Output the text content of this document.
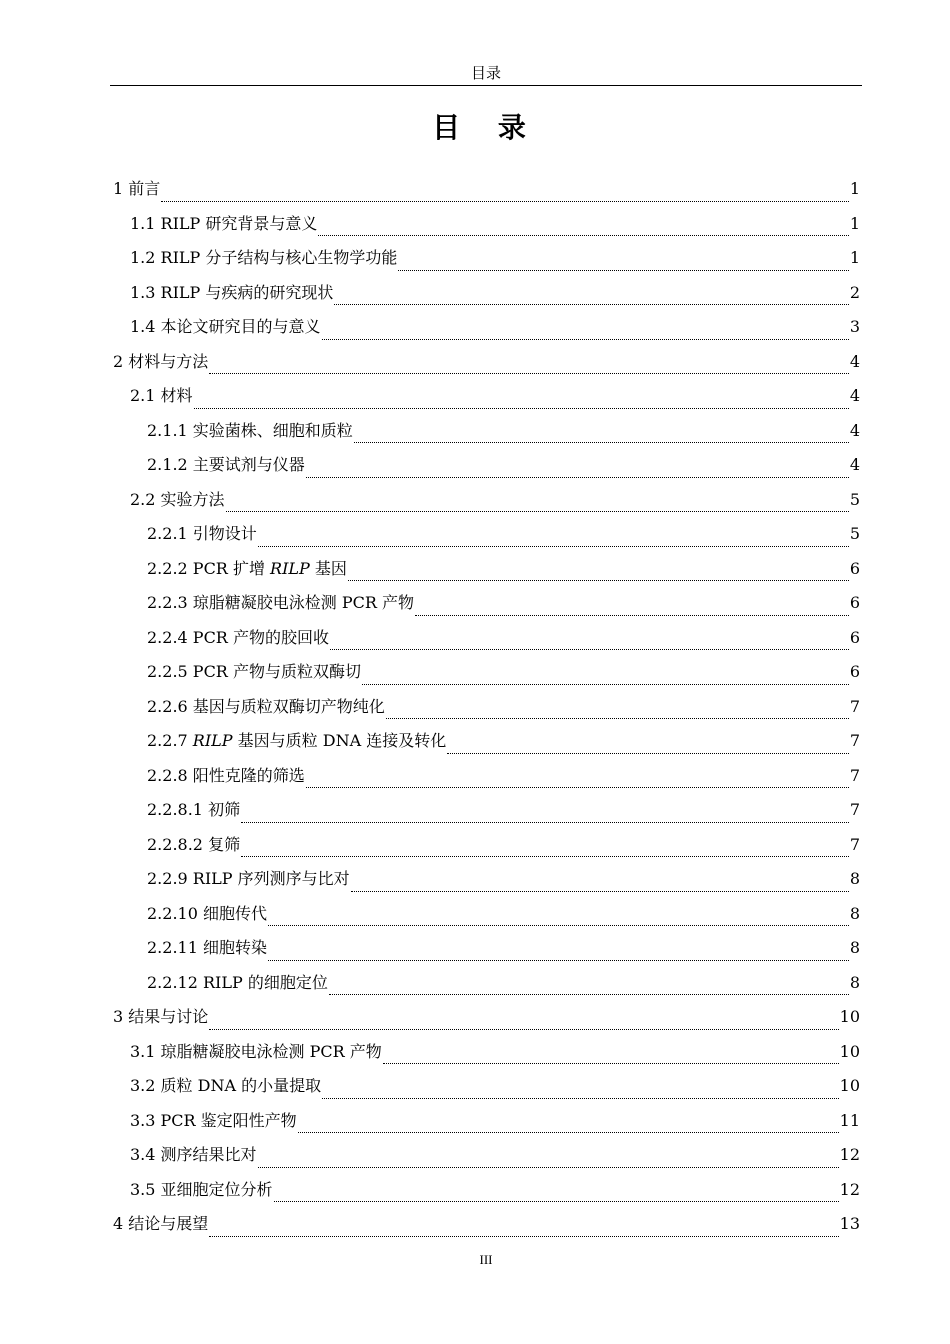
目录
目 录
1 前言	1
1.1 RILP 研究背景与意义	1
1.2 RILP 分子结构与核心生物学功能	1
1.3 RILP 与疾病的研究现状	2
1.4 本论文研究目的与意义	3
2 材料与方法	4
2.1 材料	4
2.1.1 实验菌株、细胞和质粒	4
2.1.2 主要试剂与仪器	4
2.2 实验方法	5
2.2.1 引物设计	5
2.2.2 PCR 扩增 RILP 基因	6
2.2.3 琼脂糖凝胶电泳检测 PCR 产物	6
2.2.4 PCR 产物的胶回收	6
2.2.5 PCR 产物与质粒双酶切	6
2.2.6 基因与质粒双酶切产物纯化	7
2.2.7 RILP 基因与质粒 DNA 连接及转化	7
2.2.8 阳性克隆的筛选	7
2.2.8.1 初筛	7
2.2.8.2 复筛	7
2.2.9 RILP 序列测序与比对	8
2.2.10 细胞传代	8
2.2.11 细胞转染	8
2.2.12 RILP 的细胞定位	8
3 结果与讨论	10
3.1 琼脂糖凝胶电泳检测 PCR 产物	10
3.2 质粒 DNA 的小量提取	10
3.3 PCR 鉴定阳性产物	11
3.4 测序结果比对	12
3.5 亚细胞定位分析	12
4 结论与展望	13
III
